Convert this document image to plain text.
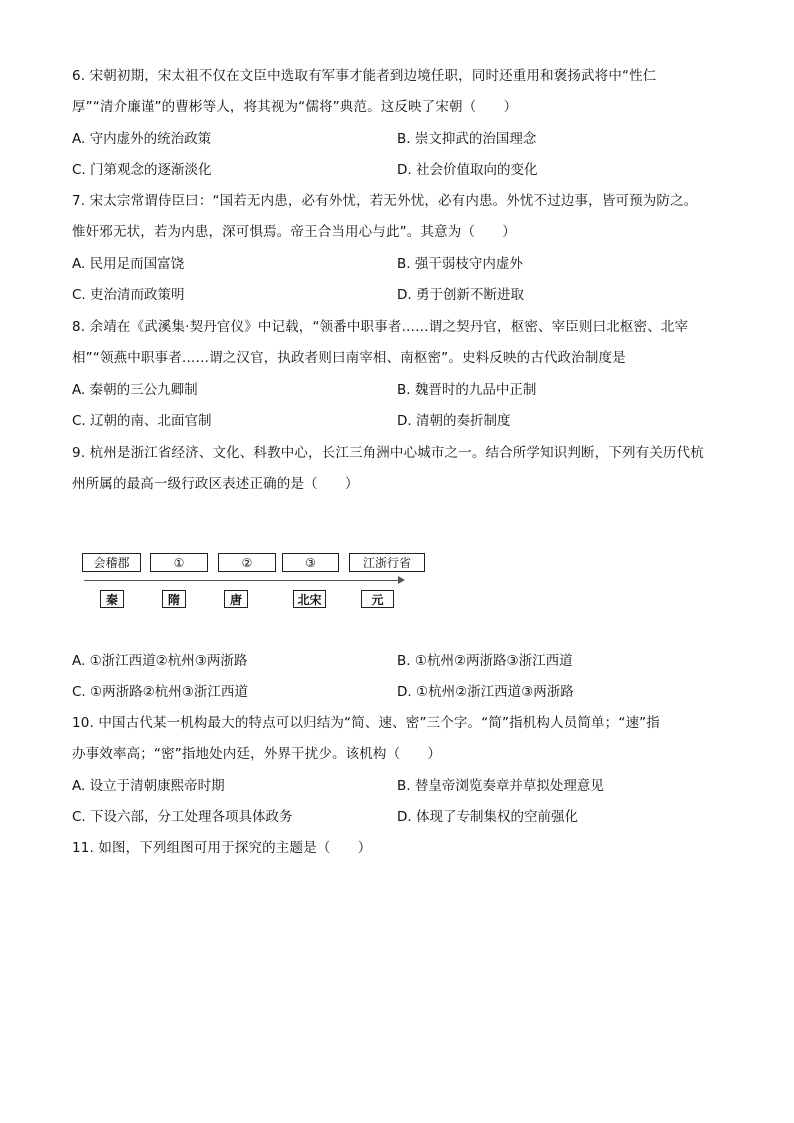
6. 宋朝初期，宋太祖不仅在文臣中选取有军事才能者到边境任职，同时还重用和褒扬武将中“性仁
厚”“清介廉谨”的曹彬等人，将其视为“儒将”典范。这反映了宋朝（　　）
A. 守内虚外的统治政策	B. 崇文抑武的治国理念
C. 门第观念的逐渐淡化	D. 社会价值取向的变化
7. 宋太宗常谓侍臣曰：“国若无内患，必有外忧，若无外忧，必有内患。外忧不过边事，皆可预为防之。
惟奸邪无状，若为内患，深可惧焉。帝王合当用心与此”。其意为（　　）
A. 民用足而国富饶	B. 强干弱枝守内虚外
C. 吏治清而政策明	D. 勇于创新不断进取
8. 余靖在《武溪集·契丹官仪》中记载，“领番中职事者……谓之契丹官，枢密、宰臣则曰北枢密、北宰
相”“领燕中职事者……谓之汉官，执政者则曰南宰相、南枢密”。史料反映的古代政治制度是
A. 秦朝的三公九卿制	B. 魏晋时的九品中正制
C. 辽朝的南、北面官制	D. 清朝的奏折制度
9. 杭州是浙江省经济、文化、科教中心，长江三角洲中心城市之一。结合所学知识判断，下列有关历代杭
州所属的最高一级行政区表述正确的是（　　）
会稽郡	①	②	③	江浙行省
秦	隋	唐	北宋	元
A. ①浙江西道②杭州③两浙路	B. ①杭州②两浙路③浙江西道
C. ①两浙路②杭州③浙江西道	D. ①杭州②浙江西道③两浙路
10. 中国古代某一机构最大的特点可以归结为“简、速、密”三个字。“简”指机构人员简单；“速”指
办事效率高；“密”指地处内廷，外界干扰少。该机构（　　）
A. 设立于清朝康熙帝时期	B. 替皇帝浏览奏章并草拟处理意见
C. 下设六部，分工处理各项具体政务	D. 体现了专制集权的空前强化
11. 如图，下列组图可用于探究的主题是（　　）
